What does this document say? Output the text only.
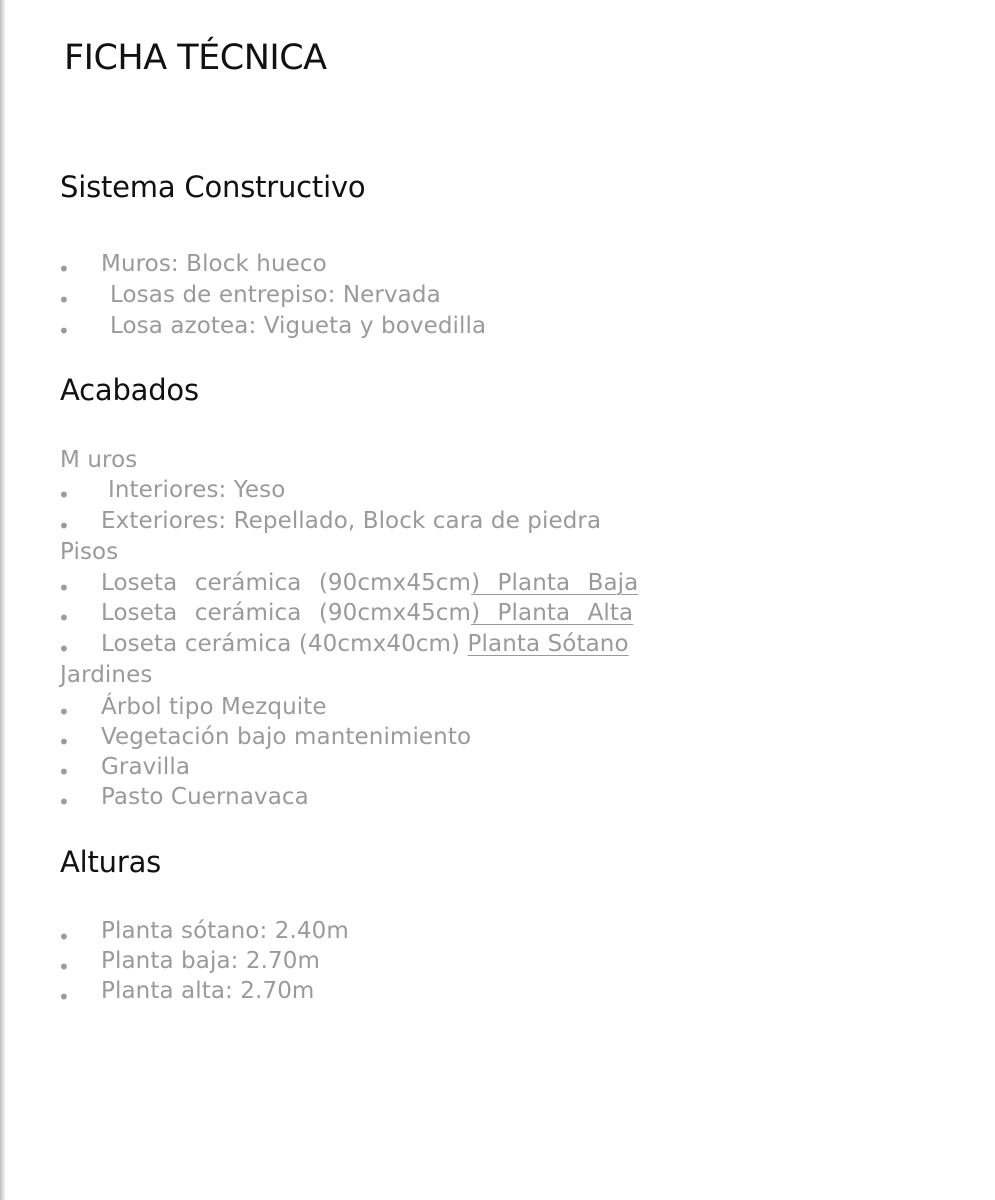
FICHA TÉCNICA
Sistema Constructivo
• Muros: Block hueco
• Losas de entrepiso: Nervada
• Losa azotea: Vigueta y bovedilla
Acabados
M uros
• Interiores: Yeso
• Exteriores: Repellado, Block cara de piedra
Pisos
• Loseta cerámica (90cmx45cm) Planta Baja
• Loseta cerámica (90cmx45cm) Planta Alta
• Loseta cerámica (40cmx40cm) Planta Sótano
Jardines
• Árbol tipo Mezquite
• Vegetación bajo mantenimiento
• Gravilla
• Pasto Cuernavaca
Alturas
• Planta sótano: 2.40m
• Planta baja: 2.70m
• Planta alta: 2.70m
